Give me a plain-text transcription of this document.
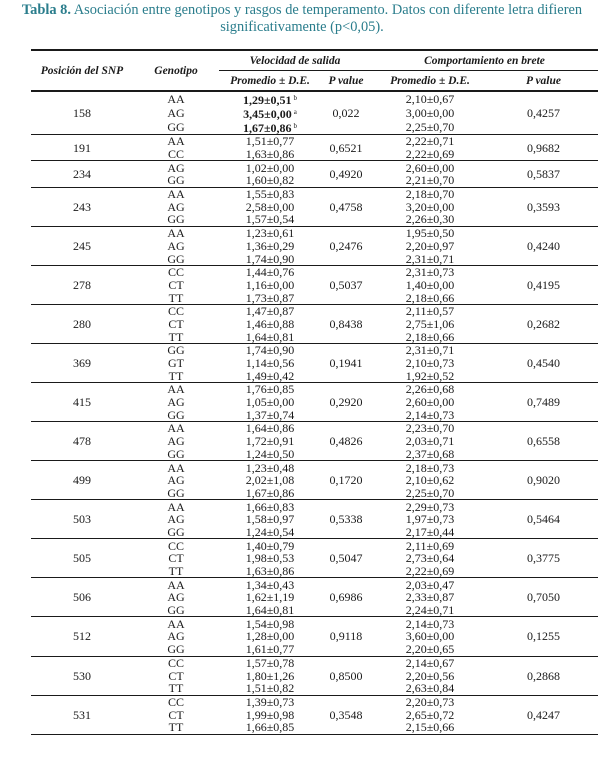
Tabla 8. Asociación entre genotipos y rasgos de temperamento. Datos con diferente letra difieren
significativamente (p<0,05).
Posición del SNP	Genotipo	Velocidad de salida		Comportamiento en brete	
		Promedio ± D.E.	P value	Promedio ± D.E.	P value
158	AA	1,29±0,51 $^b$	0,022	2,10±0,67	0,4257
	AG	3,45±0,00 $^a$		3,00±0,00	
	GG	1,67±0,86 $^b$		2,25±0,70	
191	AA	1,51±0,77	0,6521	2,22±0,71	0,9682
	CC	1,63±0,86		2,22±0,69	
234	AG	1,02±0,00	0,4920	2,60±0,00	0,5837
	GG	1,60±0,82		2,21±0,70	
243	AA	1,55±0,83	0,4758	2,18±0,70	0,3593
	AG	2,58±0,00		3,20±0,00	
	GG	1,57±0,54		2,26±0,30	
245	AA	1,23±0,61	0,2476	1,95±0,50	0,4240
	AG	1,36±0,29		2,20±0,97	
	GG	1,74±0,90		2,31±0,71	
278	CC	1,44±0,76	0,5037	2,31±0,73	0,4195
	CT	1,16±0,00		1,40±0,00	
	TT	1,73±0,87		2,18±0,66	
280	CC	1,47±0,87	0,8438	2,11±0,57	0,2682
	CT	1,46±0,88		2,75±1,06	
	TT	1,64±0,81		2,18±0,66	
369	GG	1,74±0,90	0,1941	2,31±0,71	0,4540
	GT	1,14±0,56		2,10±0,73	
	TT	1,49±0,42		1,92±0,52	
415	AA	1,76±0,85	0,2920	2,26±0,68	0,7489
	AG	1,05±0,00		2,60±0,00	
	GG	1,37±0,74		2,14±0,73	
478	AA	1,64±0,86	0,4826	2,23±0,70	0,6558
	AG	1,72±0,91		2,03±0,71	
	GG	1,24±0,50		2,37±0,68	
499	AA	1,23±0,48	0,1720	2,18±0,73	0,9020
	AG	2,02±1,08		2,10±0,62	
	GG	1,67±0,86		2,25±0,70	
503	AA	1,66±0,83	0,5338	2,29±0,73	0,5464
	AG	1,58±0,97		1,97±0,73	
	GG	1,24±0,54		2,17±0,44	
505	CC	1,40±0,79	0,5047	2,11±0,69	0,3775
	CT	1,98±0,53		2,73±0,64	
	TT	1,63±0,86		2,22±0,69	
506	AA	1,34±0,43	0,6986	2,03±0,47	0,7050
	AG	1,62±1,19		2,33±0,87	
	GG	1,64±0,81		2,24±0,71	
512	AA	1,54±0,98	0,9118	2,14±0,73	0,1255
	AG	1,28±0,00		3,60±0,00	
	GG	1,61±0,77		2,20±0,65	
530	CC	1,57±0,78	0,8500	2,14±0,67	0,2868
	CT	1,80±1,26		2,20±0,56	
	TT	1,51±0,82		2,63±0,84	
531	CC	1,39±0,73	0,3548	2,20±0,73	0,4247
	CT	1,99±0,98		2,65±0,72	
	TT	1,66±0,85		2,15±0,66	
